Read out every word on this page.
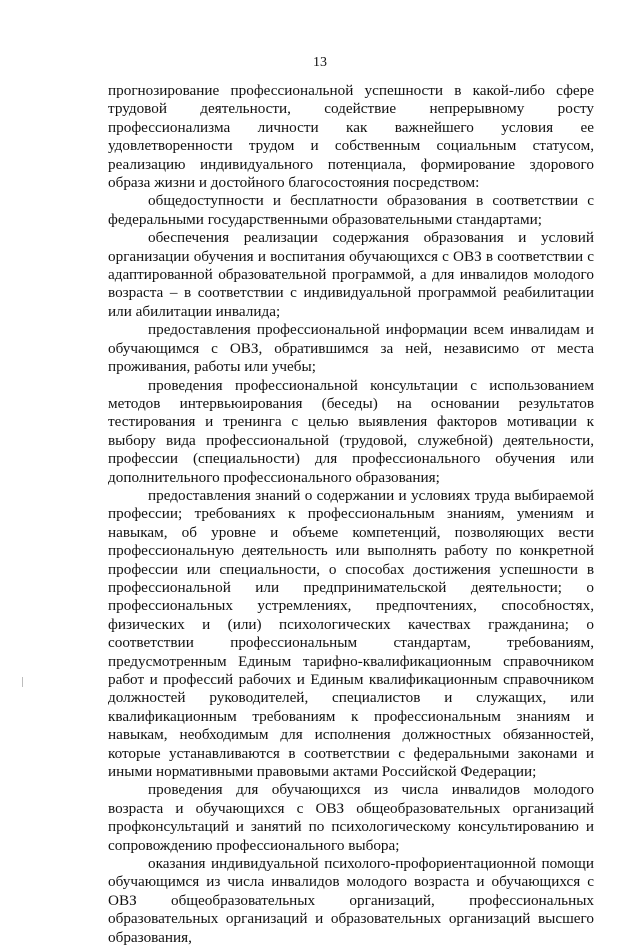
13

прогнозирование профессиональной успешности в какой-либо сфере трудовой деятельности, содействие непрерывному росту профессионализма личности как важнейшего условия ее удовлетворенности трудом и собственным социальным статусом, реализацию индивидуального потенциала, формирование здорового образа жизни и достойного благосостояния посредством:

общедоступности и бесплатности образования в соответствии с федеральными государственными образовательными стандартами;

обеспечения реализации содержания образования и условий организации обучения и воспитания обучающихся с ОВЗ в соответствии с адаптированной образовательной программой, а для инвалидов молодого возраста – в соответствии с индивидуальной программой реабилитации или абилитации инвалида;

предоставления профессиональной информации всем инвалидам и обучающимся с ОВЗ, обратившимся за ней, независимо от места проживания, работы или учебы;

проведения профессиональной консультации с использованием методов интервьюирования (беседы) на основании результатов тестирования и тренинга с целью выявления факторов мотивации к выбору вида профессиональной (трудовой, служебной) деятельности, профессии (специальности) для профессионального обучения или дополнительного профессионального образования;

предоставления знаний о содержании и условиях труда выбираемой профессии; требованиях к профессиональным знаниям, умениям и навыкам, об уровне и объеме компетенций, позволяющих вести профессиональную деятельность или выполнять работу по конкретной профессии или специальности, о способах достижения успешности в профессиональной или предпринимательской деятельности; о профессиональных устремлениях, предпочтениях, способностях, физических и (или) психологических качествах гражданина; о соответствии профессиональным стандартам, требованиям, предусмотренным Единым тарифно-квалификационным справочником работ и профессий рабочих и Единым квалификационным справочником должностей руководителей, специалистов и служащих, или квалификационным требованиям к профессиональным знаниям и навыкам, необходимым для исполнения должностных обязанностей, которые устанавливаются в соответствии с федеральными законами и иными нормативными правовыми актами Российской Федерации;

проведения для обучающихся из числа инвалидов молодого возраста и обучающихся с ОВЗ общеобразовательных организаций профконсультаций и занятий по психологическому консультированию и сопровождению профессионального выбора;

оказания индивидуальной психолого-профориентационной помощи обучающимся из числа инвалидов молодого возраста и обучающихся с ОВЗ общеобразовательных организаций, профессиональных образовательных организаций и образовательных организаций высшего образования,
